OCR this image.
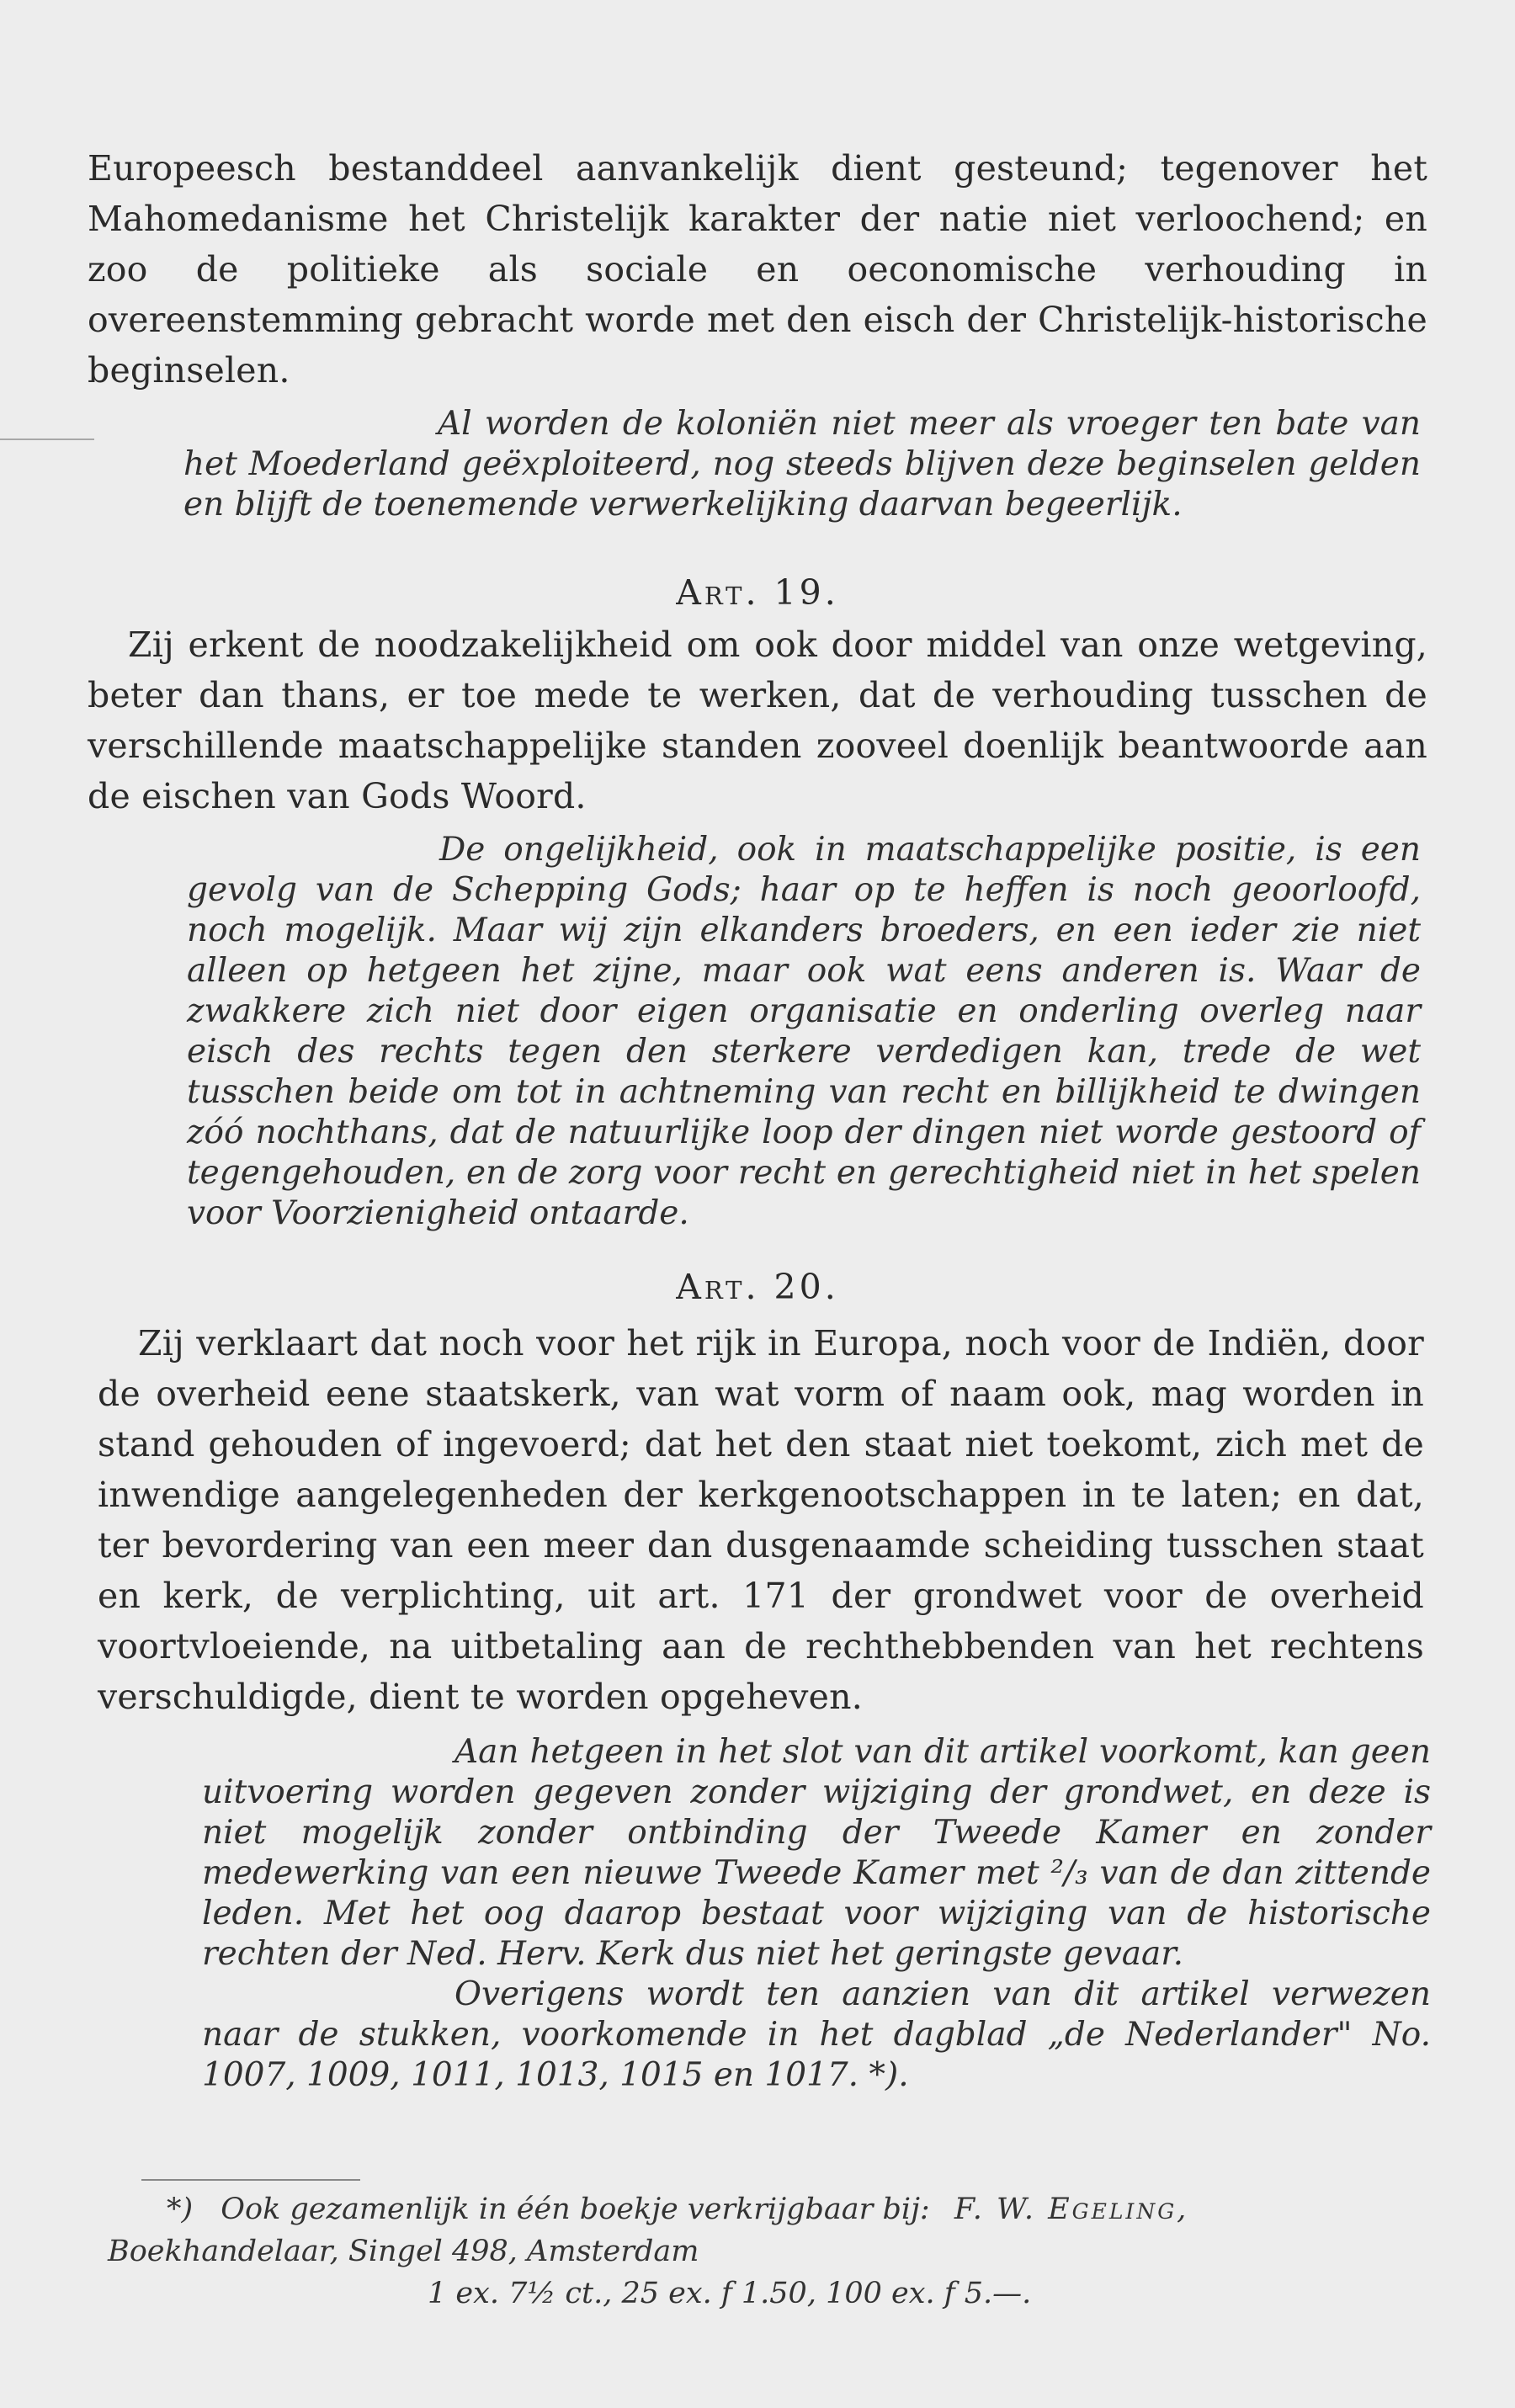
Europeesch bestanddeel aanvankelijk dient gesteund; tegenover het Mahomedanisme het Christelijk karakter der natie niet verloochend; en zoo de politieke als sociale en oeconomische verhouding in overeenstemming gebracht worde met den eisch der Christelijk-historische beginselen.

Al worden de koloniën niet meer als vroeger ten bate van het Moederland geëxploiteerd, nog steeds blijven deze beginselen gelden en blijft de toenemende verwerkelijking daarvan begeerlijk.

Art. 19.

Zij erkent de noodzakelijkheid om ook door middel van onze wetgeving, beter dan thans, er toe mede te werken, dat de verhouding tusschen de verschillende maatschappelijke standen zooveel doenlijk beantwoorde aan de eischen van Gods Woord.

De ongelijkheid, ook in maatschappelijke positie, is een gevolg van de Schepping Gods; haar op te heffen is noch geoorloofd, noch mogelijk. Maar wij zijn elkanders broeders, en een ieder zie niet alleen op hetgeen het zijne, maar ook wat eens anderen is. Waar de zwakkere zich niet door eigen organisatie en onderling overleg naar eisch des rechts tegen den sterkere verdedigen kan, trede de wet tusschen beide om tot in achtneming van recht en billijkheid te dwingen zóó nochthans, dat de natuurlijke loop der dingen niet worde gestoord of tegengehouden, en de zorg voor recht en gerechtigheid niet in het spelen voor Voorzienigheid ontaarde.

Art. 20.

Zij verklaart dat noch voor het rijk in Europa, noch voor de Indiën, door de overheid eene staatskerk, van wat vorm of naam ook, mag worden in stand gehouden of ingevoerd; dat het den staat niet toekomt, zich met de inwendige aangelegenheden der kerkgenootschappen in te laten; en dat, ter bevordering van een meer dan dusgenaamde scheiding tusschen staat en kerk, de verplichting, uit art. 171 der grondwet voor de overheid voortvloeiende, na uitbetaling aan de rechthebbenden van het rechtens verschuldigde, dient te worden opgeheven.

Aan hetgeen in het slot van dit artikel voorkomt, kan geen uitvoering worden gegeven zonder wijziging der grondwet, en deze is niet mogelijk zonder ontbinding der Tweede Kamer en zonder medewerking van een nieuwe Tweede Kamer met ²/₃ van de dan zittende leden. Met het oog daarop bestaat voor wijziging van de historische rechten der Ned. Herv. Kerk dus niet het geringste gevaar.

Overigens wordt ten aanzien van dit artikel verwezen naar de stukken, voorkomende in het dagblad „de Nederlander" No. 1007, 1009, 1011, 1013, 1015 en 1017. *).

*) Ook gezamenlijk in één boekje verkrijgbaar bij: F. W. Egeling,
Boekhandelaar, Singel 498, Amsterdam
1 ex. 7½ ct., 25 ex. f 1.50, 100 ex. f 5.—.
